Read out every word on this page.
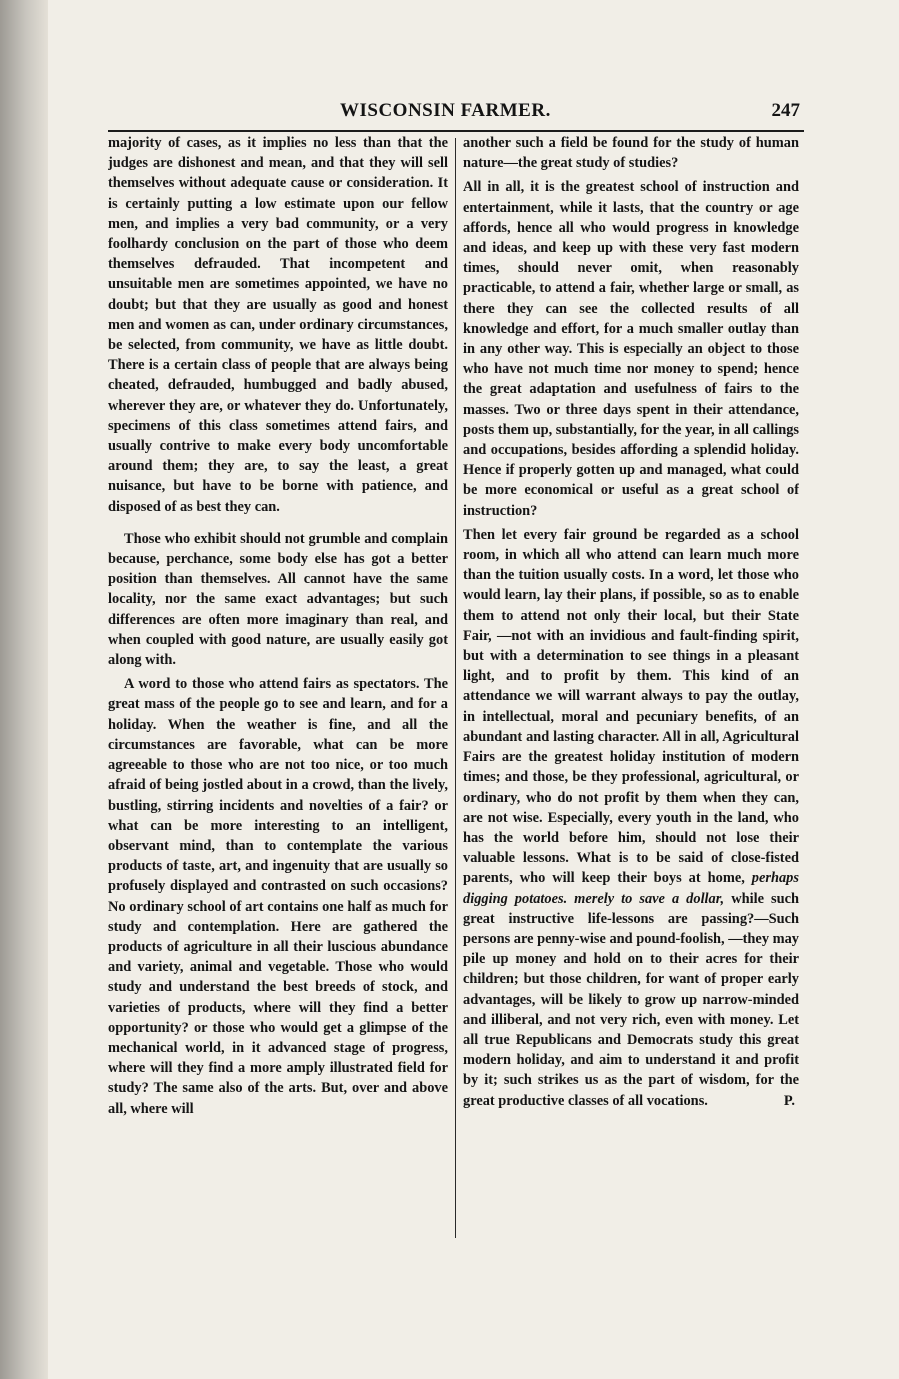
WISCONSIN FARMER.	247

majority of cases, as it implies no less than that the judges are dishonest and mean, and that they will sell themselves without adequate cause or consideration. It is certainly putting a low estimate upon our fellow men, and implies a very bad community, or a very foolhardy conclusion on the part of those who deem themselves defrauded. That incompetent and unsuitable men are sometimes appointed, we have no doubt; but that they are usually as good and honest men and women as can, under ordinary circumstances, be selected, from community, we have as little doubt. There is a certain class of people that are always being cheated, defrauded, humbugged and badly abused, wherever they are, or whatever they do. Unfortunately, specimens of this class sometimes attend fairs, and usually contrive to make every body uncomfortable around them; they are, to say the least, a great nuisance, but have to be borne with patience, and disposed of as best they can.

Those who exhibit should not grumble and complain because, perchance, some body else has got a better position than themselves. All cannot have the same locality, nor the same exact advantages; but such differences are often more imaginary than real, and when coupled with good nature, are usually easily got along with.

A word to those who attend fairs as spectators. The great mass of the people go to see and learn, and for a holiday. When the weather is fine, and all the circumstances are favorable, what can be more agreeable to those who are not too nice, or too much afraid of being jostled about in a crowd, than the lively, bustling, stirring incidents and novelties of a fair? or what can be more interesting to an intelligent, observant mind, than to contemplate the various products of taste, art, and ingenuity that are usually so profusely displayed and contrasted on such occasions? No ordinary school of art contains one half as much for study and contemplation. Here are gathered the products of agriculture in all their luscious abundance and variety, animal and vegetable. Those who would study and understand the best breeds of stock, and varieties of products, where will they find a better opportunity? or those who would get a glimpse of the mechanical world, in it advanced stage of progress, where will they find a more amply illustrated field for study? The same also of the arts. But, over and above all, where will

another such a field be found for the study of human nature—the great study of studies?

All in all, it is the greatest school of instruction and entertainment, while it lasts, that the country or age affords, hence all who would progress in knowledge and ideas, and keep up with these very fast modern times, should never omit, when reasonably practicable, to attend a fair, whether large or small, as there they can see the collected results of all knowledge and effort, for a much smaller outlay than in any other way. This is especially an object to those who have not much time nor money to spend; hence the great adaptation and usefulness of fairs to the masses. Two or three days spent in their attendance, posts them up, substantially, for the year, in all callings and occupations, besides affording a splendid holiday. Hence if properly gotten up and managed, what could be more economical or useful as a great school of instruction?

Then let every fair ground be regarded as a school room, in which all who attend can learn much more than the tuition usually costs. In a word, let those who would learn, lay their plans, if possible, so as to enable them to attend not only their local, but their State Fair, —not with an invidious and fault-finding spirit, but with a determination to see things in a pleasant light, and to profit by them. This kind of an attendance we will warrant always to pay the outlay, in intellectual, moral and pecuniary benefits, of an abundant and lasting character. All in all, Agricultural Fairs are the greatest holiday institution of modern times; and those, be they professional, agricultural, or ordinary, who do not profit by them when they can, are not wise. Especially, every youth in the land, who has the world before him, should not lose their valuable lessons. What is to be said of close-fisted parents, who will keep their boys at home, perhaps digging potatoes. merely to save a dollar, while such great instructive life-lessons are passing?—Such persons are penny-wise and pound-foolish, —they may pile up money and hold on to their acres for their children; but those children, for want of proper early advantages, will be likely to grow up narrow-minded and illiberal, and not very rich, even with money. Let all true Republicans and Democrats study this great modern holiday, and aim to understand it and profit by it; such strikes us as the part of wisdom, for the great productive classes of all vocations.	P.
